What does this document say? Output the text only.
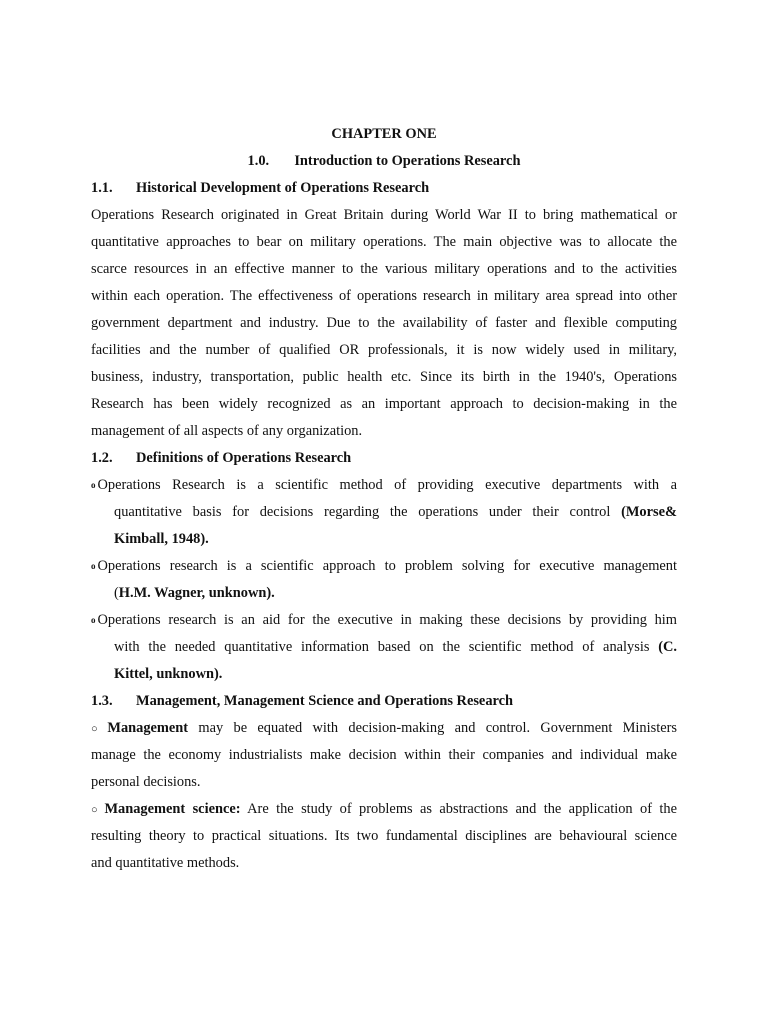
CHAPTER ONE
1.0. Introduction to Operations Research
1.1. Historical Development of Operations Research
Operations Research originated in Great Britain during World War II to bring mathematical or
quantitative approaches to bear on military operations. The main objective was to allocate the
scarce resources in an effective manner to the various military operations and to the activities
within each operation. The effectiveness of operations research in military area spread into other
government department and industry. Due to the availability of faster and flexible computing
facilities and the number of qualified OR professionals, it is now widely used in military,
business, industry, transportation, public health etc. Since its birth in the 1940's, Operations
Research has been widely recognized as an important approach to decision-making in the
management of all aspects of any organization.
1.2. Definitions of Operations Research
o Operations Research is a scientific method of providing executive departments with a
quantitative basis for decisions regarding the operations under their control (Morse&
Kimball, 1948).
o Operations research is a scientific approach to problem solving for executive management
(H.M. Wagner, unknown).
o Operations research is an aid for the executive in making these decisions by providing him
with the needed quantitative information based on the scientific method of analysis (C.
Kittel, unknown).
1.3. Management, Management Science and Operations Research
○ Management may be equated with decision-making and control. Government Ministers
manage the economy industrialists make decision within their companies and individual make
personal decisions.
○ Management science: Are the study of problems as abstractions and the application of the
resulting theory to practical situations. Its two fundamental disciplines are behavioural science
and quantitative methods.
